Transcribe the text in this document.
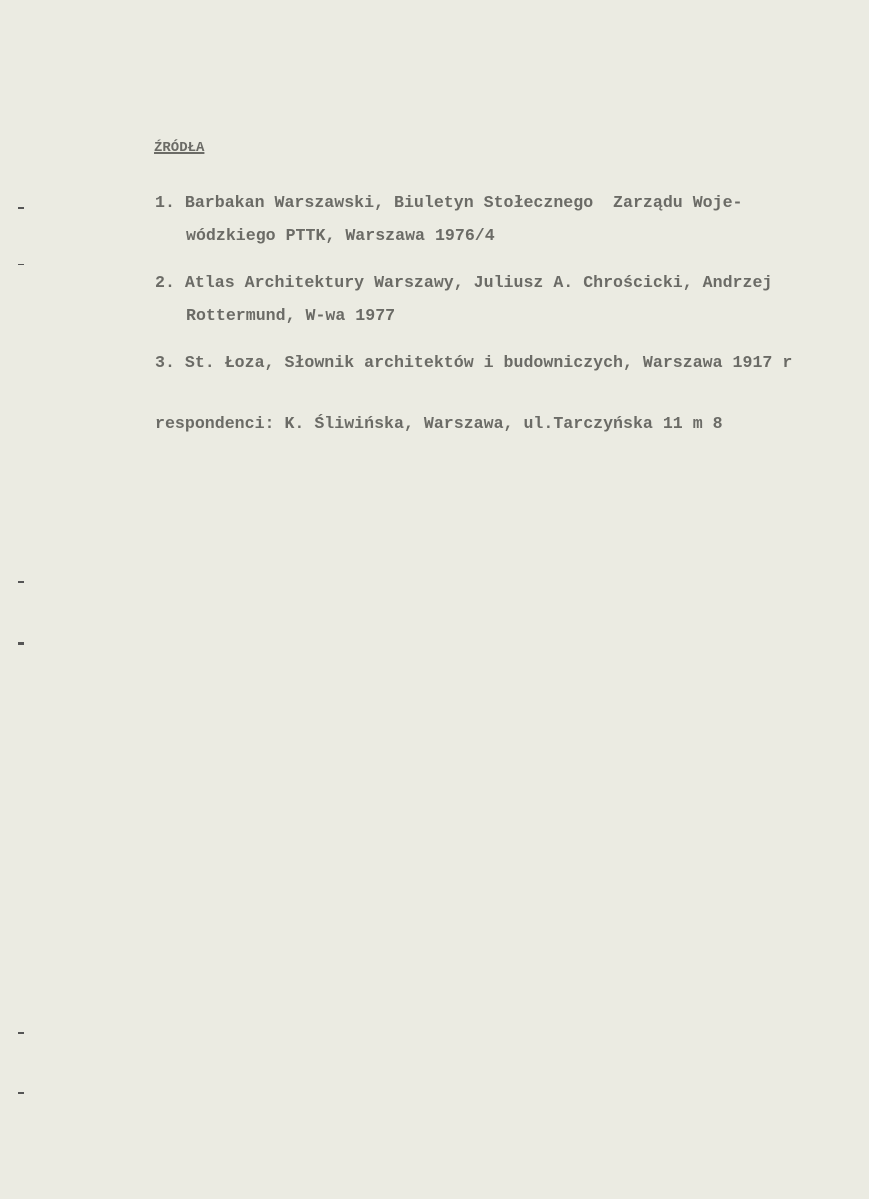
ŹRÓDŁA
1. Barbakan Warszawski, Biuletyn Stołecznego  Zarządu Woje-
wódzkiego PTTK, Warszawa 1976/4
2. Atlas Architektury Warszawy, Juliusz A. Chrościcki, Andrzej
Rottermund, W-wa 1977
3. St. Łoza, Słownik architektów i budowniczych, Warszawa 1917 r
respondenci: K. Śliwińska, Warszawa, ul.Tarczyńska 11 m 8
